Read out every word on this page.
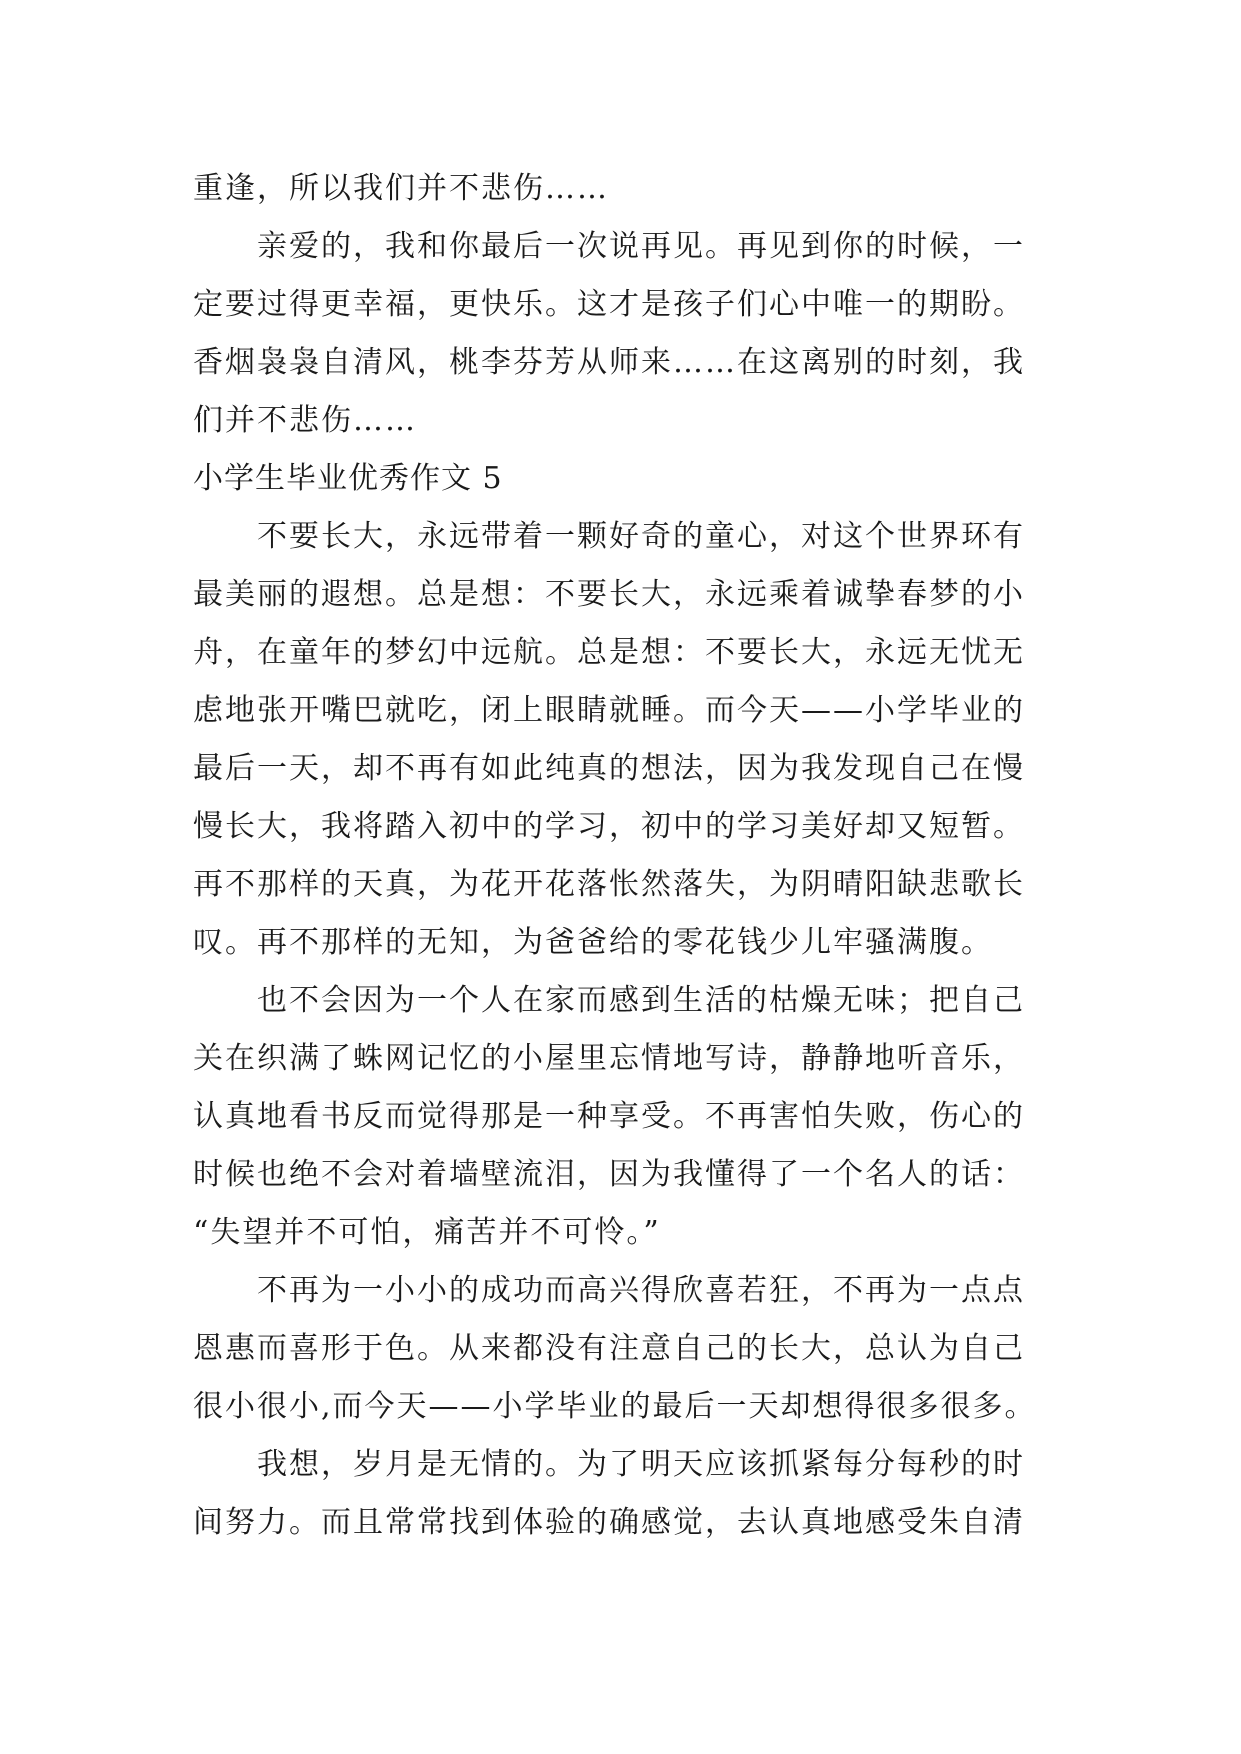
重逢，所以我们并不悲伤……
亲爱的，我和你最后一次说再见。再见到你的时候，一
定要过得更幸福，更快乐。这才是孩子们心中唯一的期盼。
香烟袅袅自清风，桃李芬芳从师来……在这离别的时刻，我
们并不悲伤……
小学生毕业优秀作文 5
不要长大，永远带着一颗好奇的童心，对这个世界环有
最美丽的遐想。总是想：不要长大，永远乘着诚挚春梦的小
舟，在童年的梦幻中远航。总是想：不要长大，永远无忧无
虑地张开嘴巴就吃，闭上眼睛就睡。而今天——小学毕业的
最后一天，却不再有如此纯真的想法，因为我发现自己在慢
慢长大，我将踏入初中的学习，初中的学习美好却又短暂。
再不那样的天真，为花开花落怅然落失，为阴晴阳缺悲歌长
叹。再不那样的无知，为爸爸给的零花钱少儿牢骚满腹。
也不会因为一个人在家而感到生活的枯燥无味；把自己
关在织满了蛛网记忆的小屋里忘情地写诗，静静地听音乐，
认真地看书反而觉得那是一种享受。不再害怕失败，伤心的
时候也绝不会对着墙壁流泪，因为我懂得了一个名人的话：
“失望并不可怕，痛苦并不可怜。”
不再为一小小的成功而高兴得欣喜若狂，不再为一点点
恩惠而喜形于色。从来都没有注意自己的长大，总认为自己
很小很小,而今天——小学毕业的最后一天却想得很多很多。
我想，岁月是无情的。为了明天应该抓紧每分每秒的时
间努力。而且常常找到体验的确感觉，去认真地感受朱自清
